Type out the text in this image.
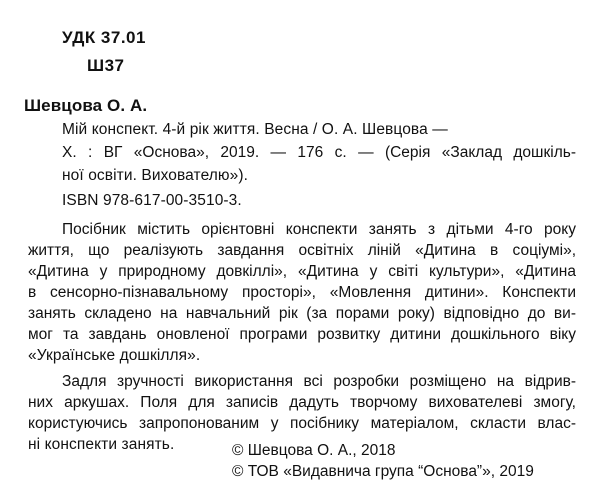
УДК 37.01
Ш37
Шевцова О. А.
Мій конспект. 4-й рік життя. Весна / О. А. Шевцова —
Х. : ВГ «Основа», 2019. — 176 с. — (Серія «Заклад дошкіль-
ної освіти. Вихователю»).
ISBN 978-617-00-3510-3.
Посібник містить орієнтовні конспекти занять з дітьми 4-го року
життя, що реалізують завдання освітніх ліній «Дитина в соціумі»,
«Дитина у природному довкіллі», «Дитина у світі культури», «Дитина
в сенсорно-пізнавальному просторі», «Мовлення дитини». Конспекти
занять складено на навчальний рік (за порами року) відповідно до ви-
мог та завдань оновленої програми розвитку дитини дошкільного віку
«Українське дошкілля».
Задля зручності використання всі розробки розміщено на відрив-
них аркушах. Поля для записів дадуть творчому вихователеві змогу,
користуючись запропонованим у посібнику матеріалом, скласти влас-
ні конспекти занять.	© Шевцова О. А., 2018
© ТОВ «Видавнича група “Основа”», 2019
